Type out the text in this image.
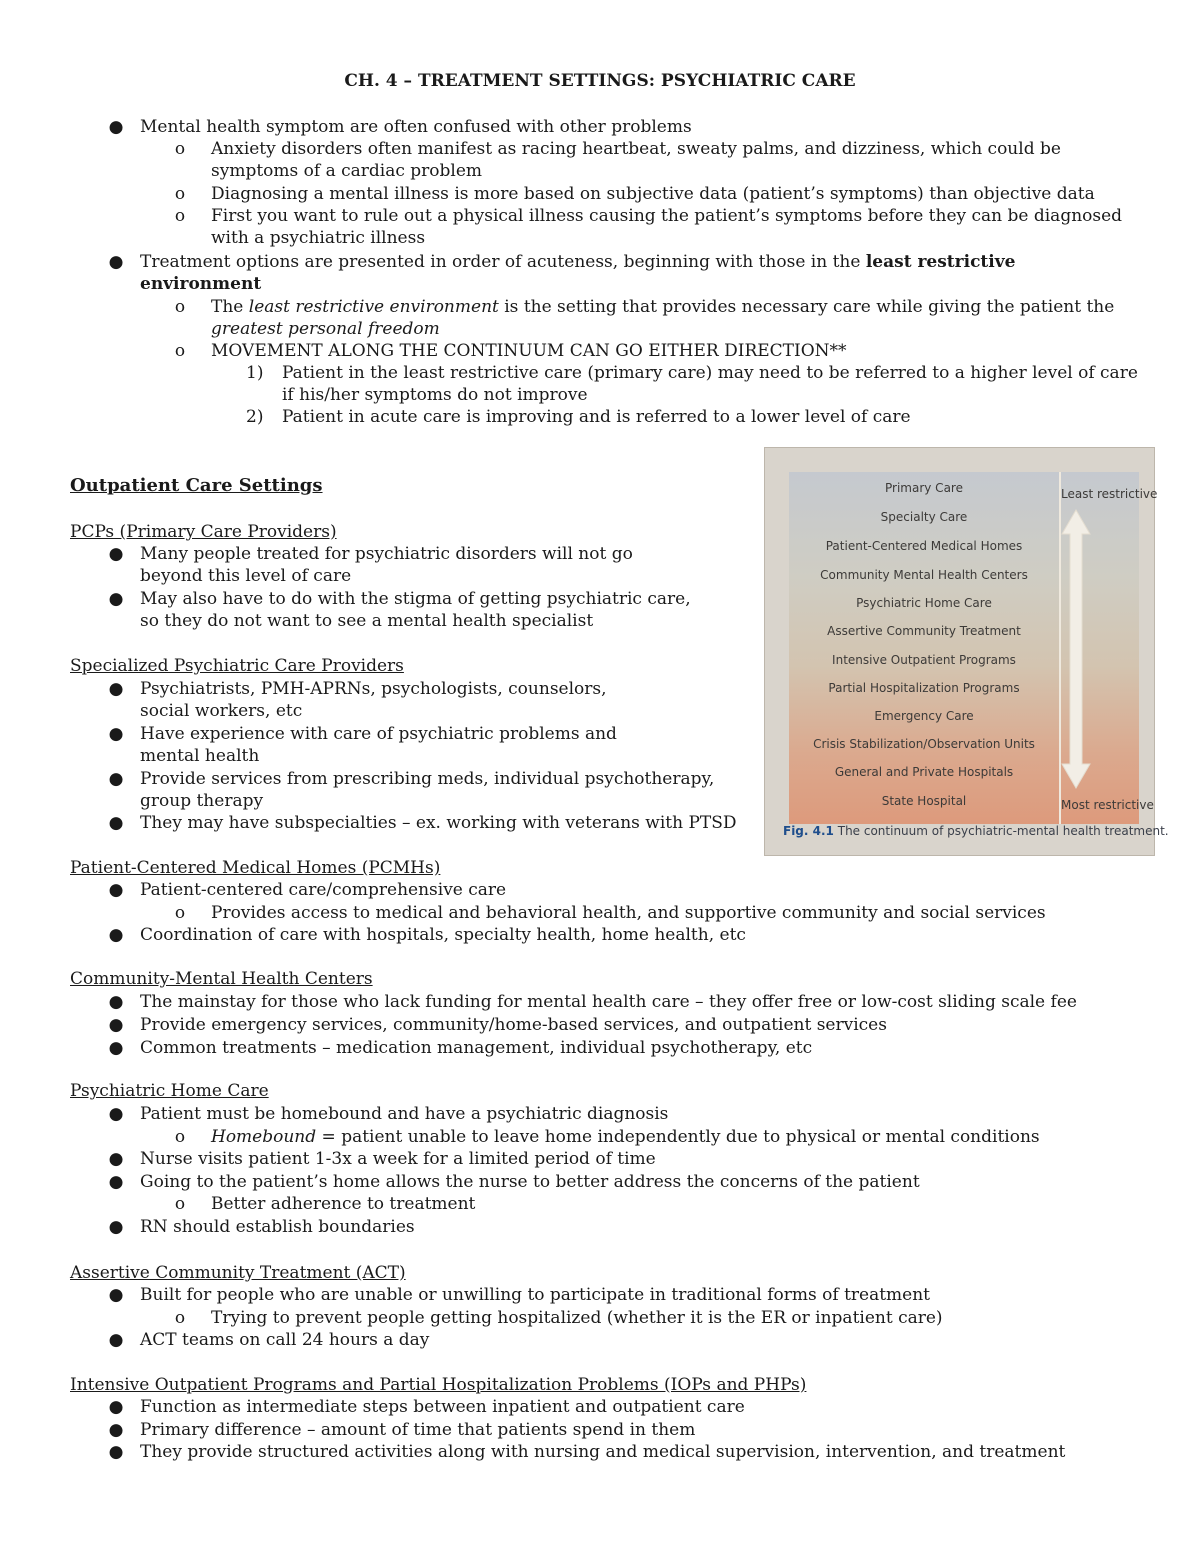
CH. 4 – TREATMENT SETTINGS: PSYCHIATRIC CARE
● Mental health symptom are often confused with other problems
o Anxiety disorders often manifest as racing heartbeat, sweaty palms, and dizziness, which could be
symptoms of a cardiac problem
o Diagnosing a mental illness is more based on subjective data (patient’s symptoms) than objective data
o First you want to rule out a physical illness causing the patient’s symptoms before they can be diagnosed
with a psychiatric illness
● Treatment options are presented in order of acuteness, beginning with those in the least restrictive
environment
o The least restrictive environment is the setting that provides necessary care while giving the patient the
greatest personal freedom
o MOVEMENT ALONG THE CONTINUUM CAN GO EITHER DIRECTION**
1) Patient in the least restrictive care (primary care) may need to be referred to a higher level of care
if his/her symptoms do not improve
2) Patient in acute care is improving and is referred to a lower level of care
Outpatient Care Settings
PCPs (Primary Care Providers)
● Many people treated for psychiatric disorders will not go
beyond this level of care
● May also have to do with the stigma of getting psychiatric care,
so they do not want to see a mental health specialist
Specialized Psychiatric Care Providers
● Psychiatrists, PMH-APRNs, psychologists, counselors,
social workers, etc
● Have experience with care of psychiatric problems and
mental health
● Provide services from prescribing meds, individual psychotherapy,
group therapy
● They may have subspecialties – ex. working with veterans with PTSD
Patient-Centered Medical Homes (PCMHs)
● Patient-centered care/comprehensive care
o Provides access to medical and behavioral health, and supportive community and social services
● Coordination of care with hospitals, specialty health, home health, etc
Community-Mental Health Centers
● The mainstay for those who lack funding for mental health care – they offer free or low-cost sliding scale fee
● Provide emergency services, community/home-based services, and outpatient services
● Common treatments – medication management, individual psychotherapy, etc
Psychiatric Home Care
● Patient must be homebound and have a psychiatric diagnosis
o Homebound = patient unable to leave home independently due to physical or mental conditions
● Nurse visits patient 1-3x a week for a limited period of time
● Going to the patient’s home allows the nurse to better address the concerns of the patient
o Better adherence to treatment
● RN should establish boundaries
Assertive Community Treatment (ACT)
● Built for people who are unable or unwilling to participate in traditional forms of treatment
o Trying to prevent people getting hospitalized (whether it is the ER or inpatient care)
● ACT teams on call 24 hours a day
Intensive Outpatient Programs and Partial Hospitalization Problems (IOPs and PHPs)
● Function as intermediate steps between inpatient and outpatient care
● Primary difference – amount of time that patients spend in them
● They provide structured activities along with nursing and medical supervision, intervention, and treatment
Primary Care
Specialty Care
Patient-Centered Medical Homes
Community Mental Health Centers
Psychiatric Home Care
Assertive Community Treatment
Intensive Outpatient Programs
Partial Hospitalization Programs
Emergency Care
Crisis Stabilization/Observation Units
General and Private Hospitals
State Hospital
Least restrictive
Most restrictive
Fig. 4.1 The continuum of psychiatric-mental health treatment.
